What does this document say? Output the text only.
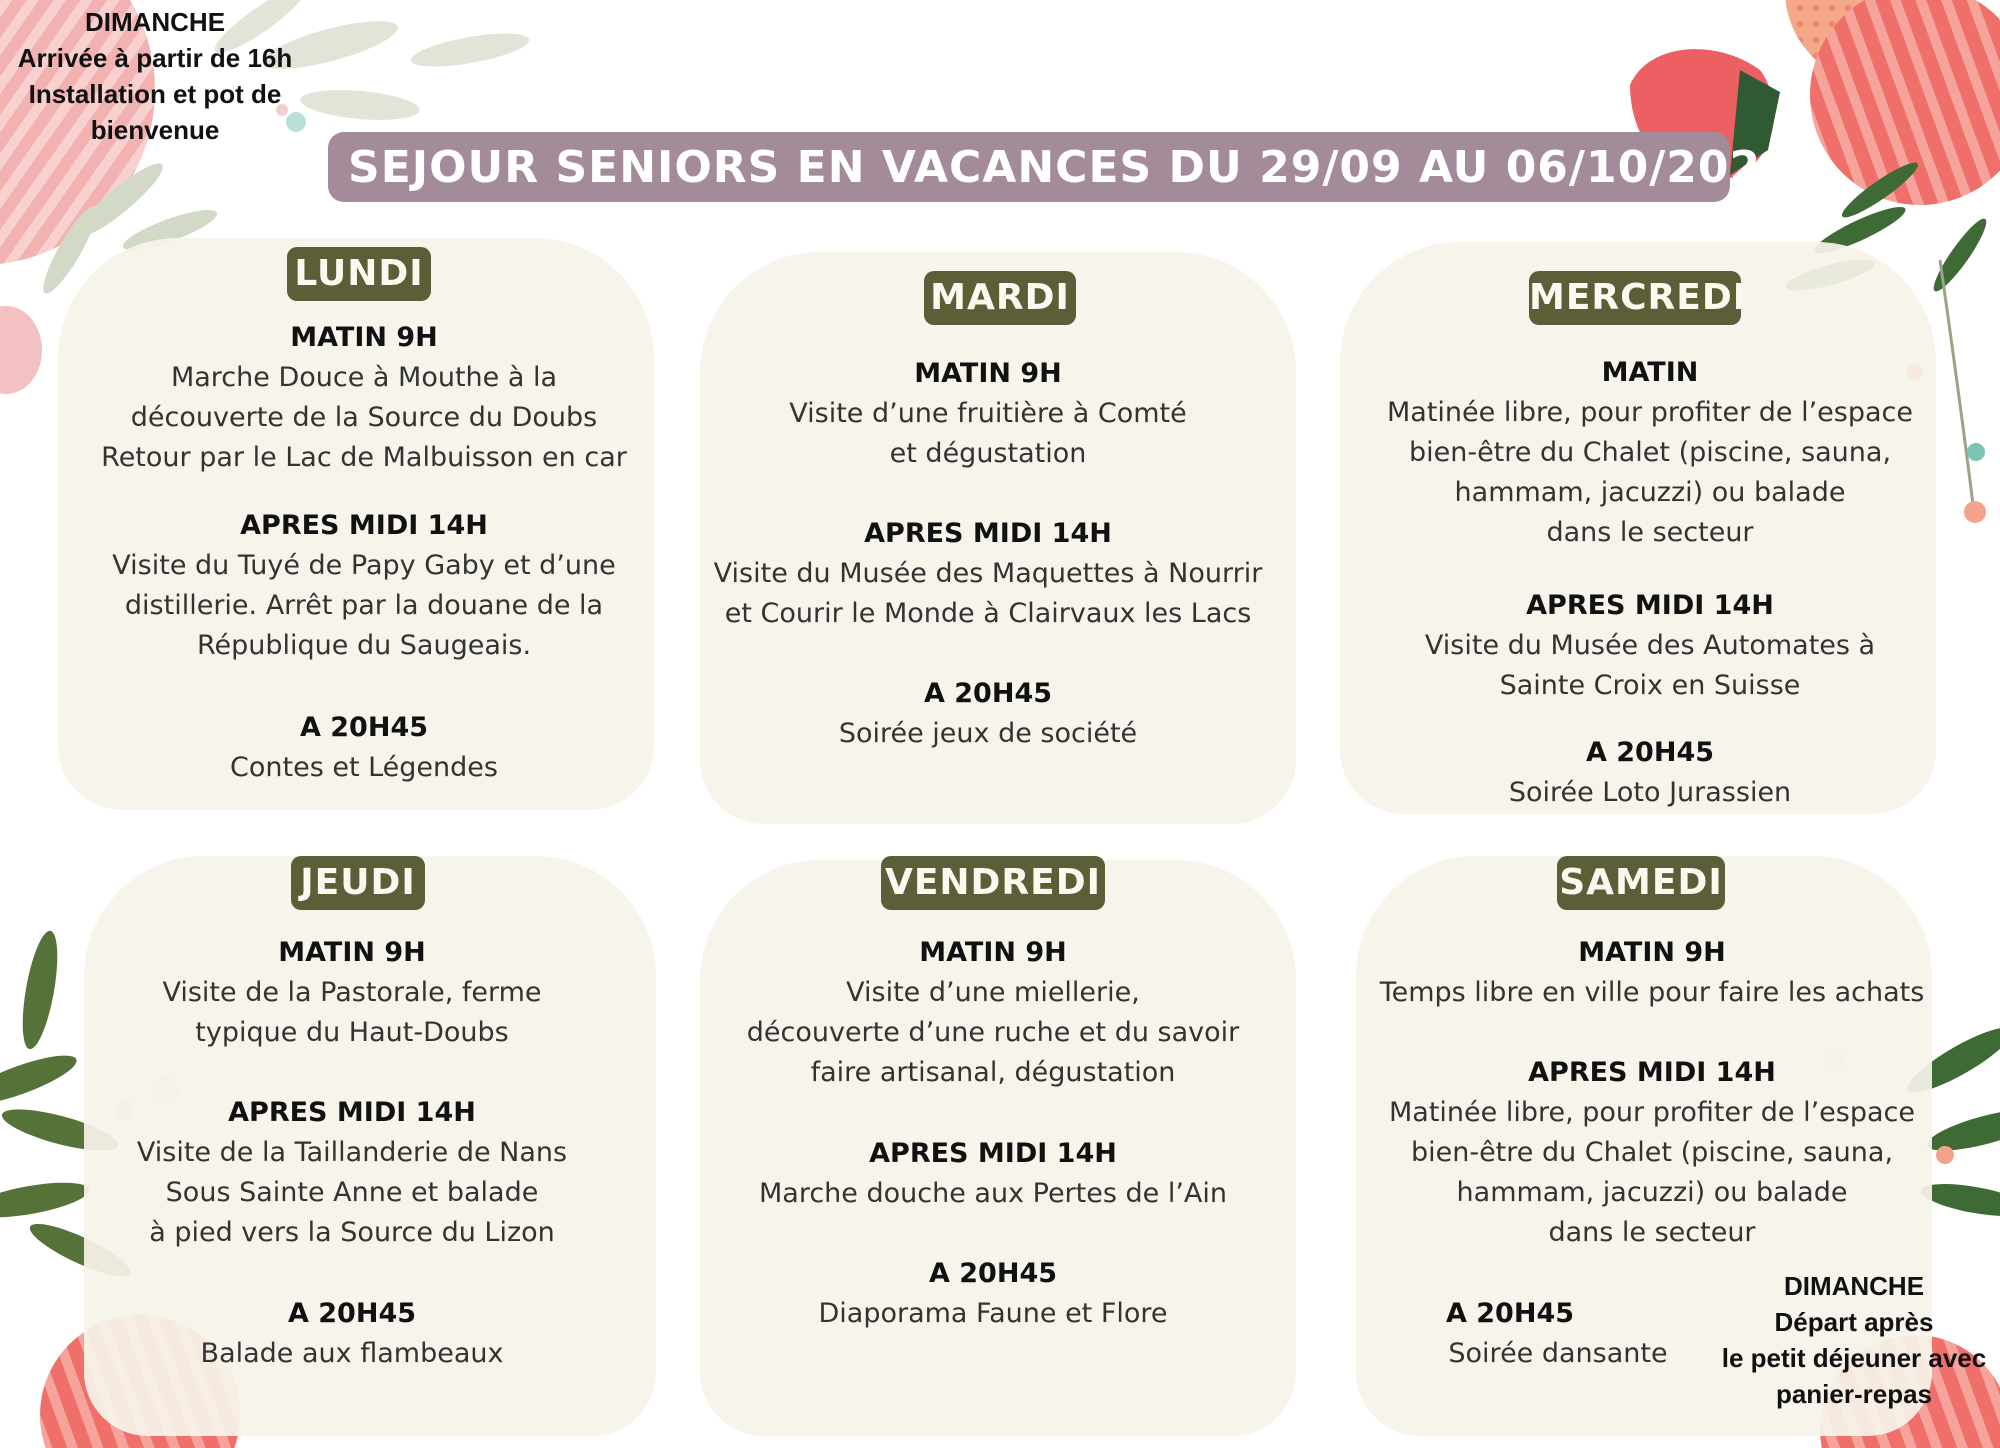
DIMANCHE
Arrivée à partir de 16h
Installation et pot de
bienvenue
SEJOUR SENIORS EN VACANCES DU 29/09 AU 06/10/2024
LUNDI
MATIN 9H
Marche Douce à Mouthe à la
découverte de la Source du Doubs
Retour par le Lac de Malbuisson en car
APRES MIDI 14H
Visite du Tuyé de Papy Gaby et d’une
distillerie. Arrêt par la douane de la
République du Saugeais.
A 20H45
Contes et Légendes
MARDI
MATIN 9H
Visite d’une fruitière à Comté
et dégustation
APRES MIDI 14H
Visite du Musée des Maquettes à Nourrir
et Courir le Monde à Clairvaux les Lacs
A 20H45
Soirée jeux de société
MERCREDI
MATIN
Matinée libre, pour profiter de l’espace
bien-être du Chalet (piscine, sauna,
hammam, jacuzzi) ou balade
dans le secteur
APRES MIDI 14H
Visite du Musée des Automates à
Sainte Croix en Suisse
A 20H45
Soirée Loto Jurassien
JEUDI
MATIN 9H
Visite de la Pastorale, ferme
typique du Haut-Doubs
APRES MIDI 14H
Visite de la Taillanderie de Nans
Sous Sainte Anne et balade
à pied vers la Source du Lizon
A 20H45
Balade aux flambeaux
VENDREDI
MATIN 9H
Visite d’une miellerie,
découverte d’une ruche et du savoir
faire artisanal, dégustation
APRES MIDI 14H
Marche douche aux Pertes de l’Ain
A 20H45
Diaporama Faune et Flore
SAMEDI
MATIN 9H
Temps libre en ville pour faire les achats
APRES MIDI 14H
Matinée libre, pour profiter de l’espace
bien-être du Chalet (piscine, sauna,
hammam, jacuzzi) ou balade
dans le secteur
A 20H45
Soirée dansante
DIMANCHE
Départ après
le petit déjeuner avec
panier-repas
